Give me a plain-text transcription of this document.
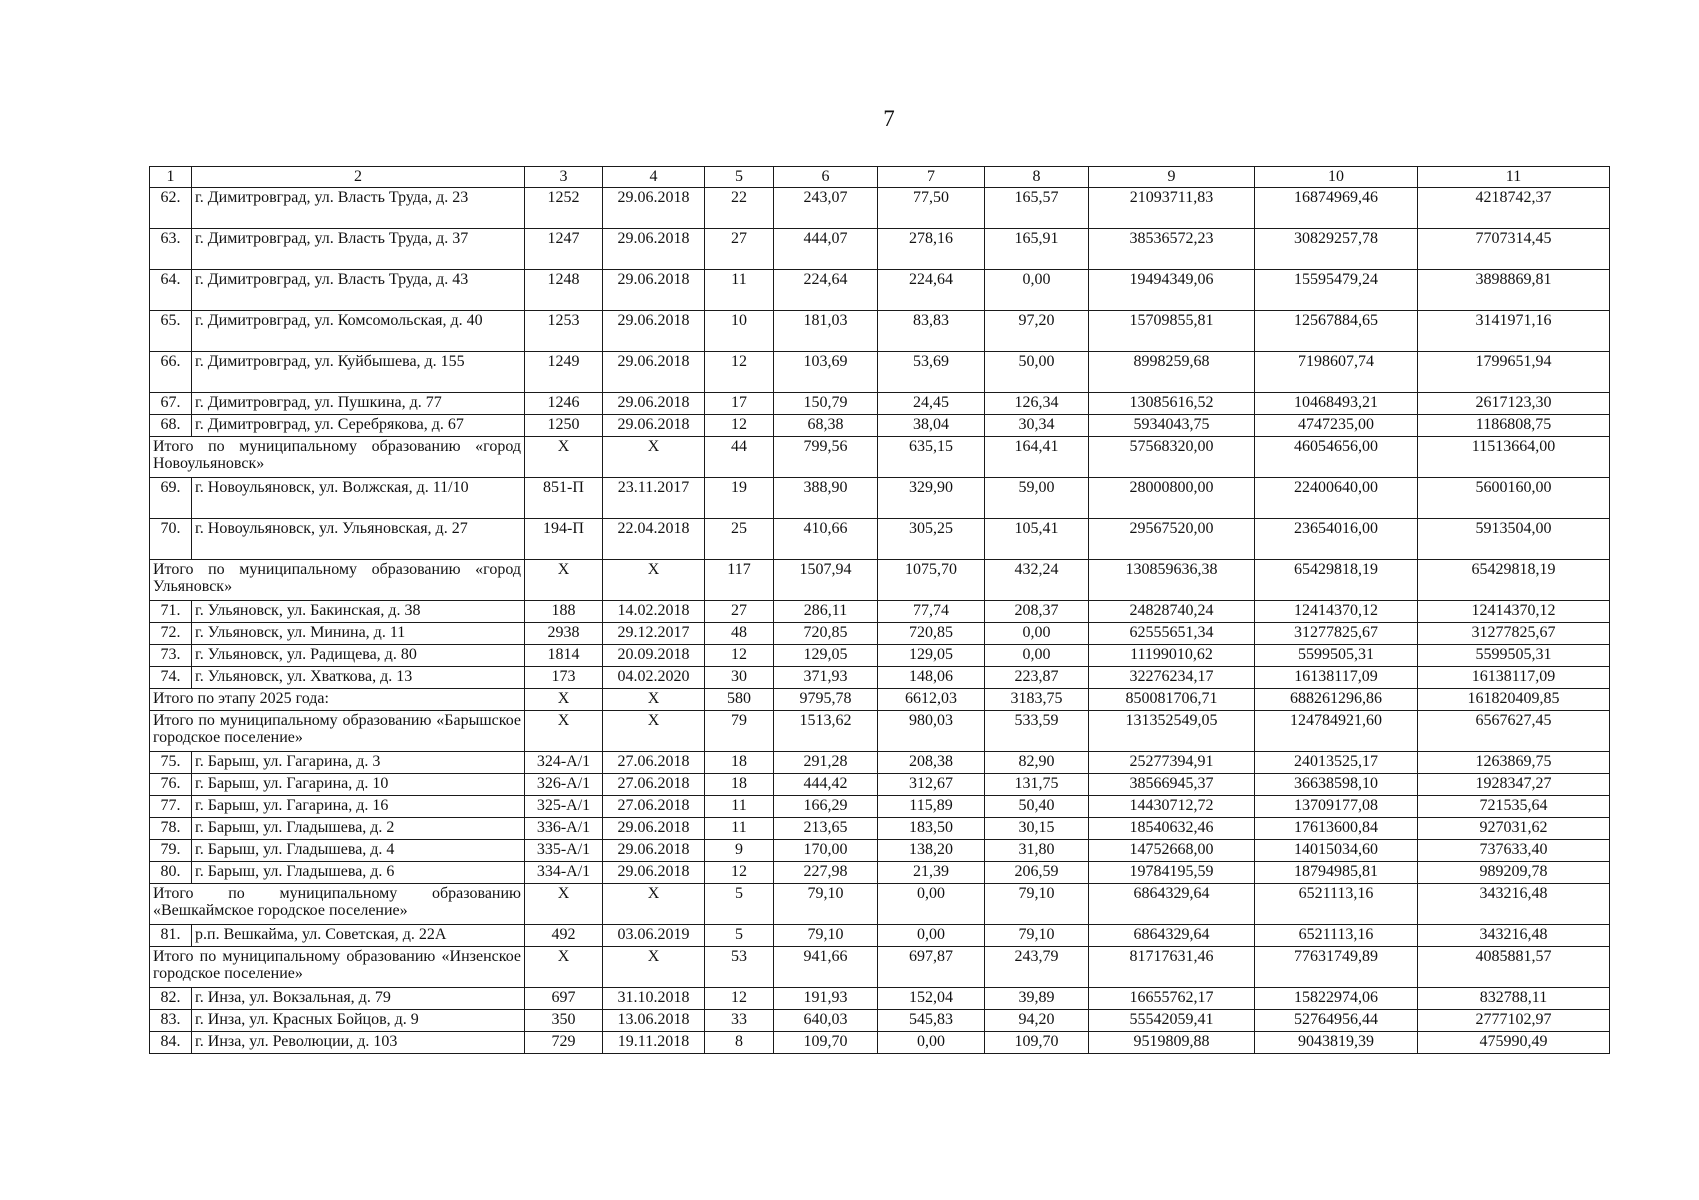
7
1	2	3	4	5	6	7	8	9	10	11
62.	г. Димитровград, ул. Власть Труда, д. 23	1252	29.06.2018	22	243,07	77,50	165,57	21093711,83	16874969,46	4218742,37
63.	г. Димитровград, ул. Власть Труда, д. 37	1247	29.06.2018	27	444,07	278,16	165,91	38536572,23	30829257,78	7707314,45
64.	г. Димитровград, ул. Власть Труда, д. 43	1248	29.06.2018	11	224,64	224,64	0,00	19494349,06	15595479,24	3898869,81
65.	г. Димитровград, ул. Комсомольская, д. 40	1253	29.06.2018	10	181,03	83,83	97,20	15709855,81	12567884,65	3141971,16
66.	г. Димитровград, ул. Куйбышева, д. 155	1249	29.06.2018	12	103,69	53,69	50,00	8998259,68	7198607,74	1799651,94
67.	г. Димитровград, ул. Пушкина, д. 77	1246	29.06.2018	17	150,79	24,45	126,34	13085616,52	10468493,21	2617123,30
68.	г. Димитровград, ул. Серебрякова, д. 67	1250	29.06.2018	12	68,38	38,04	30,34	5934043,75	4747235,00	1186808,75
Итого по муниципальному образованию «город Новоульяновск»		X	X	44	799,56	635,15	164,41	57568320,00	46054656,00	11513664,00
69.	г. Новоульяновск, ул. Волжская, д. 11/10	851-П	23.11.2017	19	388,90	329,90	59,00	28000800,00	22400640,00	5600160,00
70.	г. Новоульяновск, ул. Ульяновская, д. 27	194-П	22.04.2018	25	410,66	305,25	105,41	29567520,00	23654016,00	5913504,00
Итого по муниципальному образованию «город Ульяновск»		X	X	117	1507,94	1075,70	432,24	130859636,38	65429818,19	65429818,19
71.	г. Ульяновск, ул. Бакинская, д. 38	188	14.02.2018	27	286,11	77,74	208,37	24828740,24	12414370,12	12414370,12
72.	г. Ульяновск, ул. Минина, д. 11	2938	29.12.2017	48	720,85	720,85	0,00	62555651,34	31277825,67	31277825,67
73.	г. Ульяновск, ул. Радищева, д. 80	1814	20.09.2018	12	129,05	129,05	0,00	11199010,62	5599505,31	5599505,31
74.	г. Ульяновск, ул. Хваткова, д. 13	173	04.02.2020	30	371,93	148,06	223,87	32276234,17	16138117,09	16138117,09
Итого по этапу 2025 года:		X	X	580	9795,78	6612,03	3183,75	850081706,71	688261296,86	161820409,85
Итого по муниципальному образованию «Барышское городское поселение»		X	X	79	1513,62	980,03	533,59	131352549,05	124784921,60	6567627,45
75.	г. Барыш, ул. Гагарина, д. 3	324-А/1	27.06.2018	18	291,28	208,38	82,90	25277394,91	24013525,17	1263869,75
76.	г. Барыш, ул. Гагарина, д. 10	326-А/1	27.06.2018	18	444,42	312,67	131,75	38566945,37	36638598,10	1928347,27
77.	г. Барыш, ул. Гагарина, д. 16	325-А/1	27.06.2018	11	166,29	115,89	50,40	14430712,72	13709177,08	721535,64
78.	г. Барыш, ул. Гладышева, д. 2	336-А/1	29.06.2018	11	213,65	183,50	30,15	18540632,46	17613600,84	927031,62
79.	г. Барыш, ул. Гладышева, д. 4	335-А/1	29.06.2018	9	170,00	138,20	31,80	14752668,00	14015034,60	737633,40
80.	г. Барыш, ул. Гладышева, д. 6	334-А/1	29.06.2018	12	227,98	21,39	206,59	19784195,59	18794985,81	989209,78
Итого по муниципальному образованию «Вешкаймское городское поселение»		X	X	5	79,10	0,00	79,10	6864329,64	6521113,16	343216,48
81.	р.п. Вешкайма, ул. Советская, д. 22А	492	03.06.2019	5	79,10	0,00	79,10	6864329,64	6521113,16	343216,48
Итого по муниципальному образованию «Инзенское городское поселение»		X	X	53	941,66	697,87	243,79	81717631,46	77631749,89	4085881,57
82.	г. Инза, ул. Вокзальная, д. 79	697	31.10.2018	12	191,93	152,04	39,89	16655762,17	15822974,06	832788,11
83.	г. Инза, ул. Красных Бойцов, д. 9	350	13.06.2018	33	640,03	545,83	94,20	55542059,41	52764956,44	2777102,97
84.	г. Инза, ул. Революции, д. 103	729	19.11.2018	8	109,70	0,00	109,70	9519809,88	9043819,39	475990,49
